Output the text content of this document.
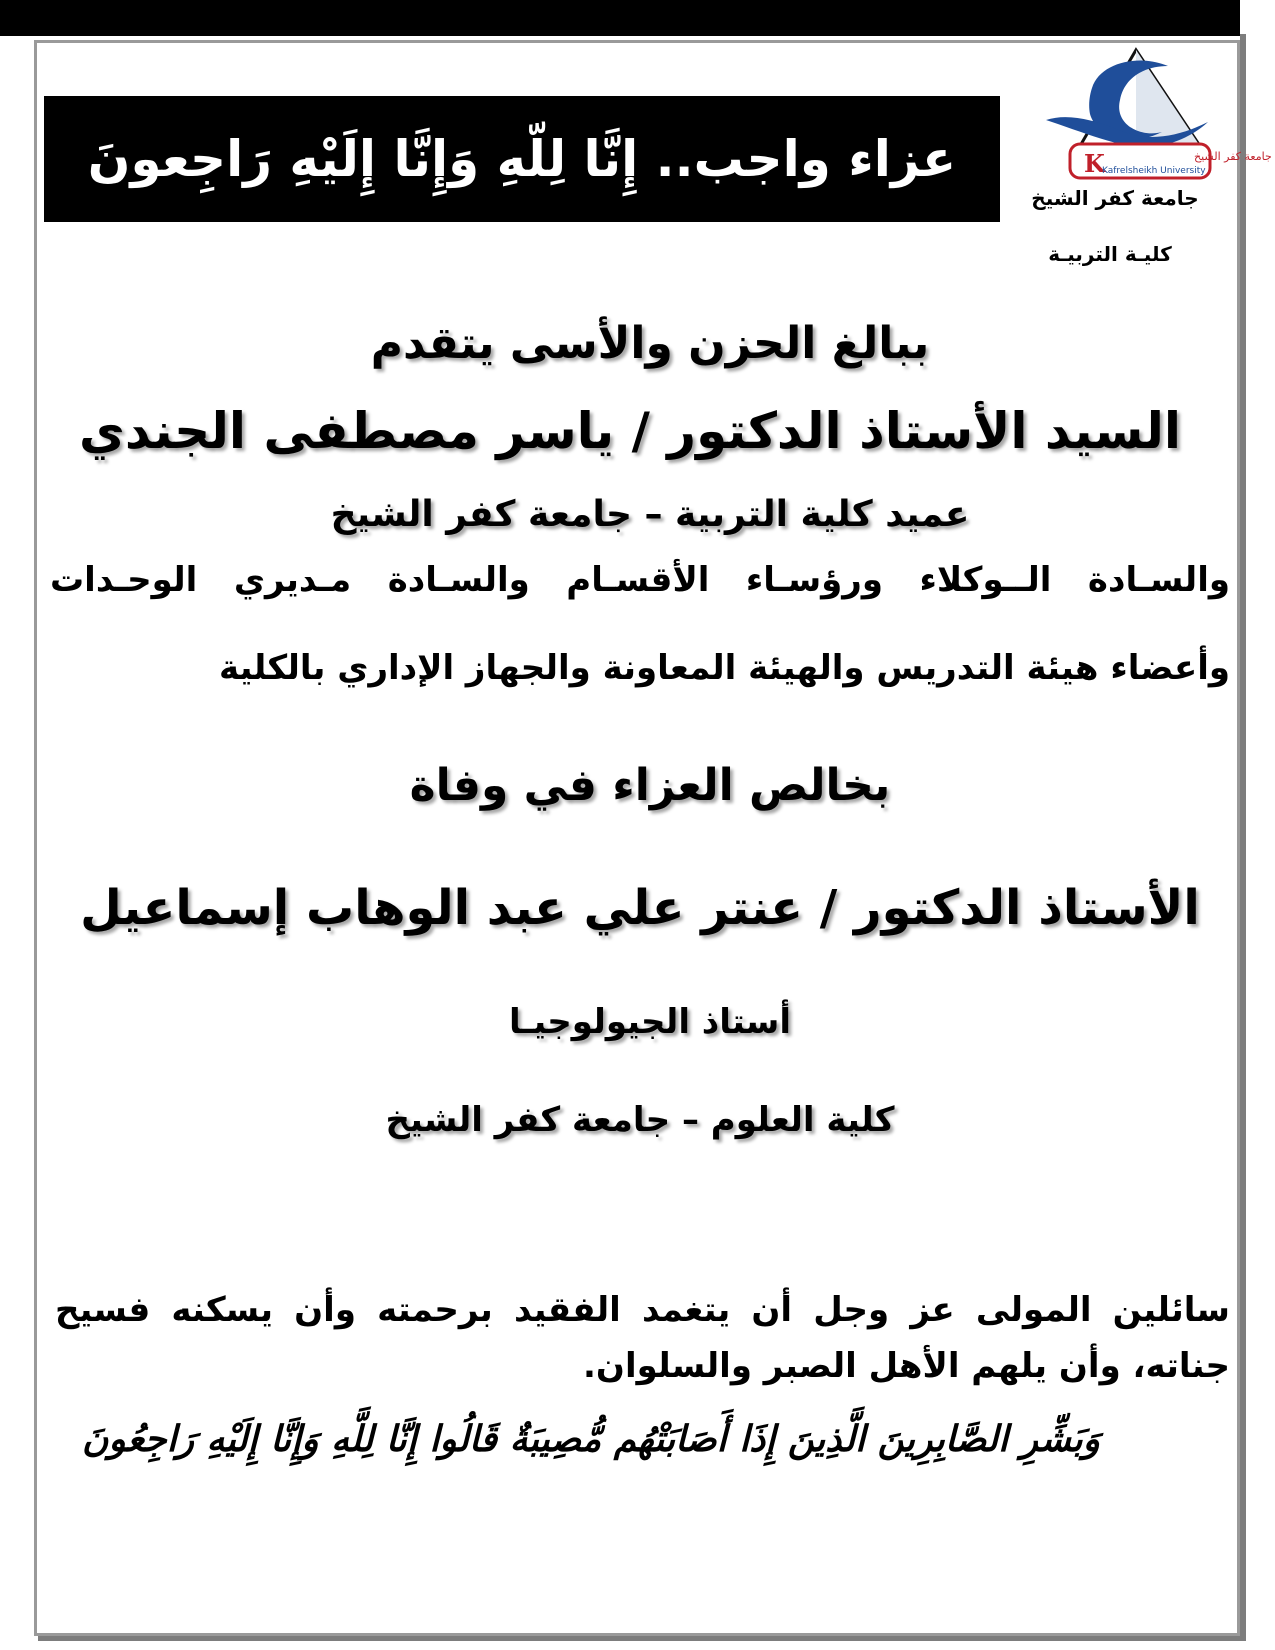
عزاء واجب.. إِنَّا لِلّهِ وَإِنَّا إِلَيْهِ رَاجِعونَ	K	جامعة كفر الشيخ
Kafrelsheikh University
جامعة كفر الشيخ
كليـة التربيـة
ببالغ الحزن والأسى يتقدم
السيد الأستاذ الدكتور / ياسر مصطفى الجندي
عميد كلية التربية – جامعة كفر الشيخ
والسـادة الــوكلاء ورؤسـاء الأقسـام والسـادة مـديري الوحـدات
وأعضاء هيئة التدريس والهيئة المعاونة والجهاز الإداري بالكلية
بخالص العزاء في وفاة
الأستاذ الدكتور / عنتر علي عبد الوهاب إسماعيل
أستاذ الجيولوجيـا
كلية العلوم – جامعة كفر الشيخ
سائلين المولى عز وجل أن يتغمد الفقيد برحمته وأن يسكنه فسيح جناته، وأن يلهم الأهل الصبر والسلوان.
وَبَشِّرِ الصَّابِرِينَ الَّذِينَ إِذَا أَصَابَتْهُم مُّصِيبَةٌ قَالُوا إِنَّا لِلَّهِ وَإِنَّا إِلَيْهِ رَاجِعُونَ
